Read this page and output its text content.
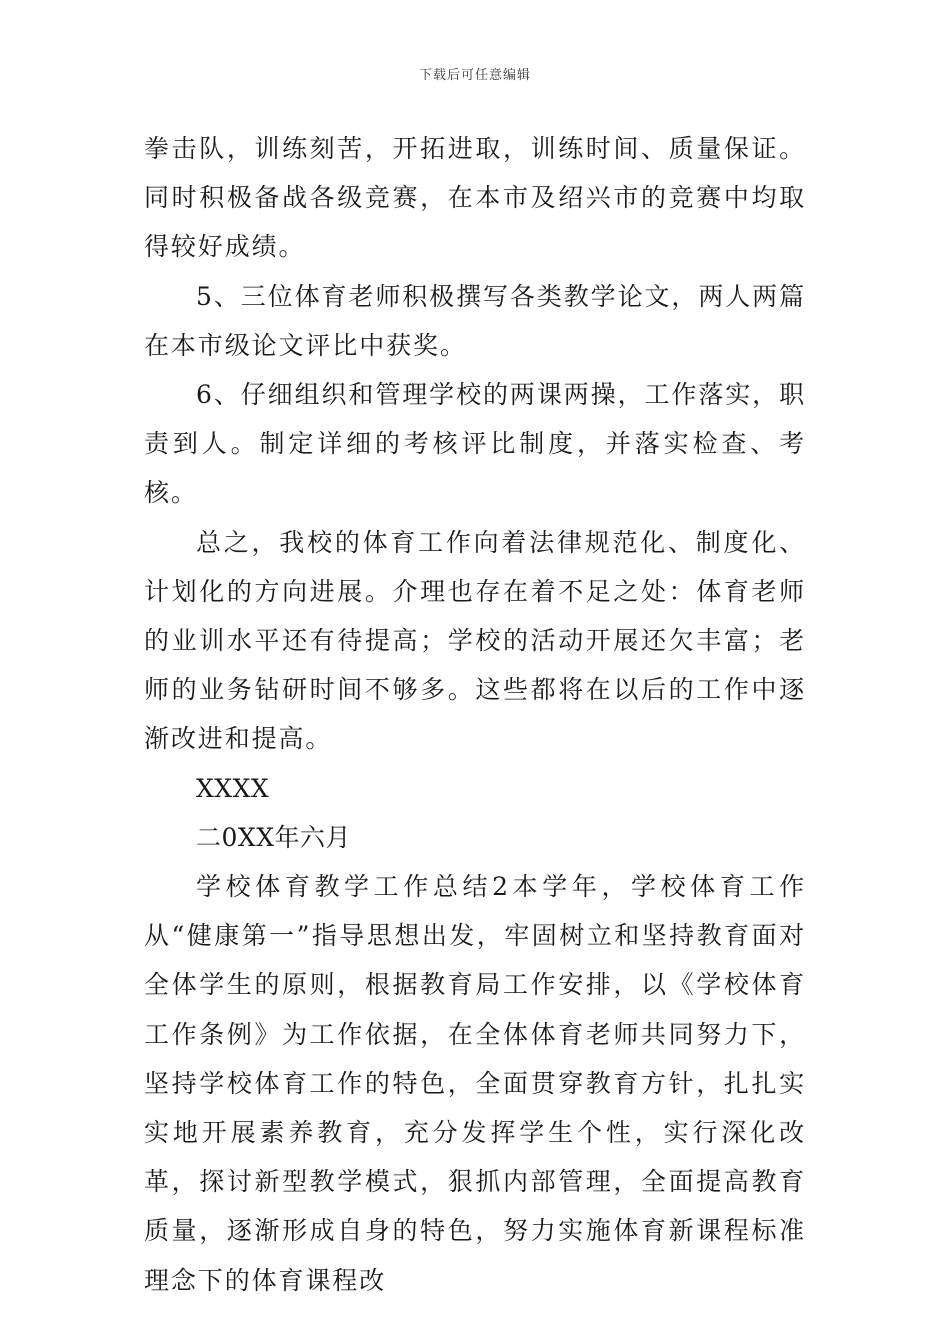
下载后可任意编辑

拳击队，训练刻苦，开拓进取，训练时间、质量保证。同时积极备战各级竞赛，在本市及绍兴市的竞赛中均取得较好成绩。

5、三位体育老师积极撰写各类教学论文，两人两篇在本市级论文评比中获奖。

6、仔细组织和管理学校的两课两操，工作落实，职责到人。制定详细的考核评比制度，并落实检查、考核。

总之，我校的体育工作向着法律规范化、制度化、计划化的方向进展。介理也存在着不足之处：体育老师的业训水平还有待提高；学校的活动开展还欠丰富；老师的业务钻研时间不够多。这些都将在以后的工作中逐渐改进和提高。

XXXX

二0XX年六月

学校体育教学工作总结2本学年，学校体育工作从“健康第一”指导思想出发，牢固树立和坚持教育面对全体学生的原则，根据教育局工作安排，以《学校体育工作条例》为工作依据，在全体体育老师共同努力下，坚持学校体育工作的特色，全面贯穿教育方针，扎扎实实地开展素养教育，充分发挥学生个性，实行深化改革，探讨新型教学模式，狠抓内部管理，全面提高教育质量，逐渐形成自身的特色，努力实施体育新课程标准理念下的体育课程改
